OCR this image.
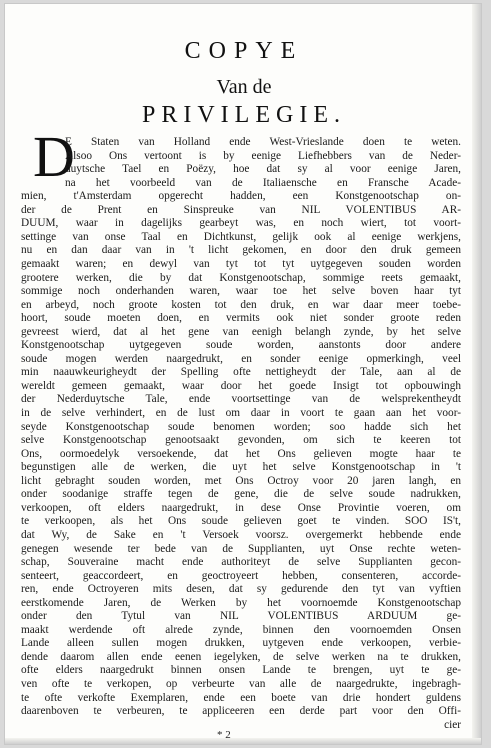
COPYE
Van de
PRIVILEGIE.
D
E Staten van Holland ende West-Vrieslande doen te weten.
Alsoo Ons vertoont is by eenige Liefhebbers van de Neder-
duytsche Tael en Poëzy, hoe dat sy al voor eenige Jaren,
na het voorbeeld van de Italiaensche en Fransche Acade-
mien, t'Amsterdam opgerecht hadden, een Konstgenootschap on-
der de Prent en Sinspreuke van NIL VOLENTIBUS AR-
DUUM, waar in dagelijks gearbeyt was, en noch wiert, tot voort-
settinge van onse Taal en Dichtkunst, gelijk ook al eenige werkjens,
nu en dan daar van in 't licht gekomen, en door den druk gemeen
gemaakt waren; en dewyl van tyt tot tyt uytgegeven souden worden
grootere werken, die by dat Konstgenootschap, sommige reets gemaakt,
sommige noch onderhanden waren, waar toe het selve boven haar tyt
en arbeyd, noch groote kosten tot den druk, en war daar meer toebe-
hoort, soude moeten doen, en vermits ook niet sonder groote reden
gevreest wierd, dat al het gene van eenigh belangh zynde, by het selve
Konstgenootschap uytgegeven soude worden, aanstonts door andere
soude mogen werden naargedrukt, en sonder eenige opmerkingh, veel
min naauwkeurigheydt der Spelling ofte nettigheydt der Tale, aan al de
wereldt gemeen gemaakt, waar door het goede Insigt tot opbouwingh
der Nederduytsche Tale, ende voortsettinge van de welsprekentheydt
in de selve verhindert, en de lust om daar in voort te gaan aan het voor-
seyde Konstgenootschap soude benomen worden; soo hadde sich het
selve Konstgenootschap genootsaakt gevonden, om sich te keeren tot
Ons, oormoedelyk versoekende, dat het Ons gelieven mogte haar te
begunstigen alle de werken, die uyt het selve Konstgenootschap in 't
licht gebraght souden worden, met Ons Octroy voor 20 jaren langh, en
onder soodanige straffe tegen de gene, die de selve soude nadrukken,
verkoopen, oft elders naargedrukt, in dese Onse Provintie voeren, om
te verkoopen, als het Ons soude gelieven goet te vinden. SOO IS't,
dat Wy, de Sake en 't Versoek voorsz. overgemerkt hebbende ende
genegen wesende ter bede van de Supplianten, uyt Onse rechte weten-
schap, Souveraine macht ende authoriteyt de selve Supplianten gecon-
senteert, geaccordeert, en geoctroyeert hebben, consenteren, accorde-
ren, ende Octroyeren mits desen, dat sy gedurende den tyt van vyftien
eerstkomende Jaren, de Werken by het voornoemde Konstgenootschap
onder den Tytul van NIL VOLENTIBUS ARDUUM ge-
maakt werdende oft alrede zynde, binnen den voornoemden Onsen
Lande alleen sullen mogen drukken, uytgeven ende verkoopen, verbie-
dende daarom allen ende eenen iegelyken, de selve werken na te drukken,
ofte elders naargedrukt binnen onsen Lande te brengen, uyt te ge-
ven ofte te verkopen, op verbeurte van alle de naargedrukte, ingebragh-
te ofte verkofte Exemplaren, ende een boete van drie hondert guldens
daarenboven te verbeuren, te appliceeren een derde part voor den Offi-
cier
* 2
